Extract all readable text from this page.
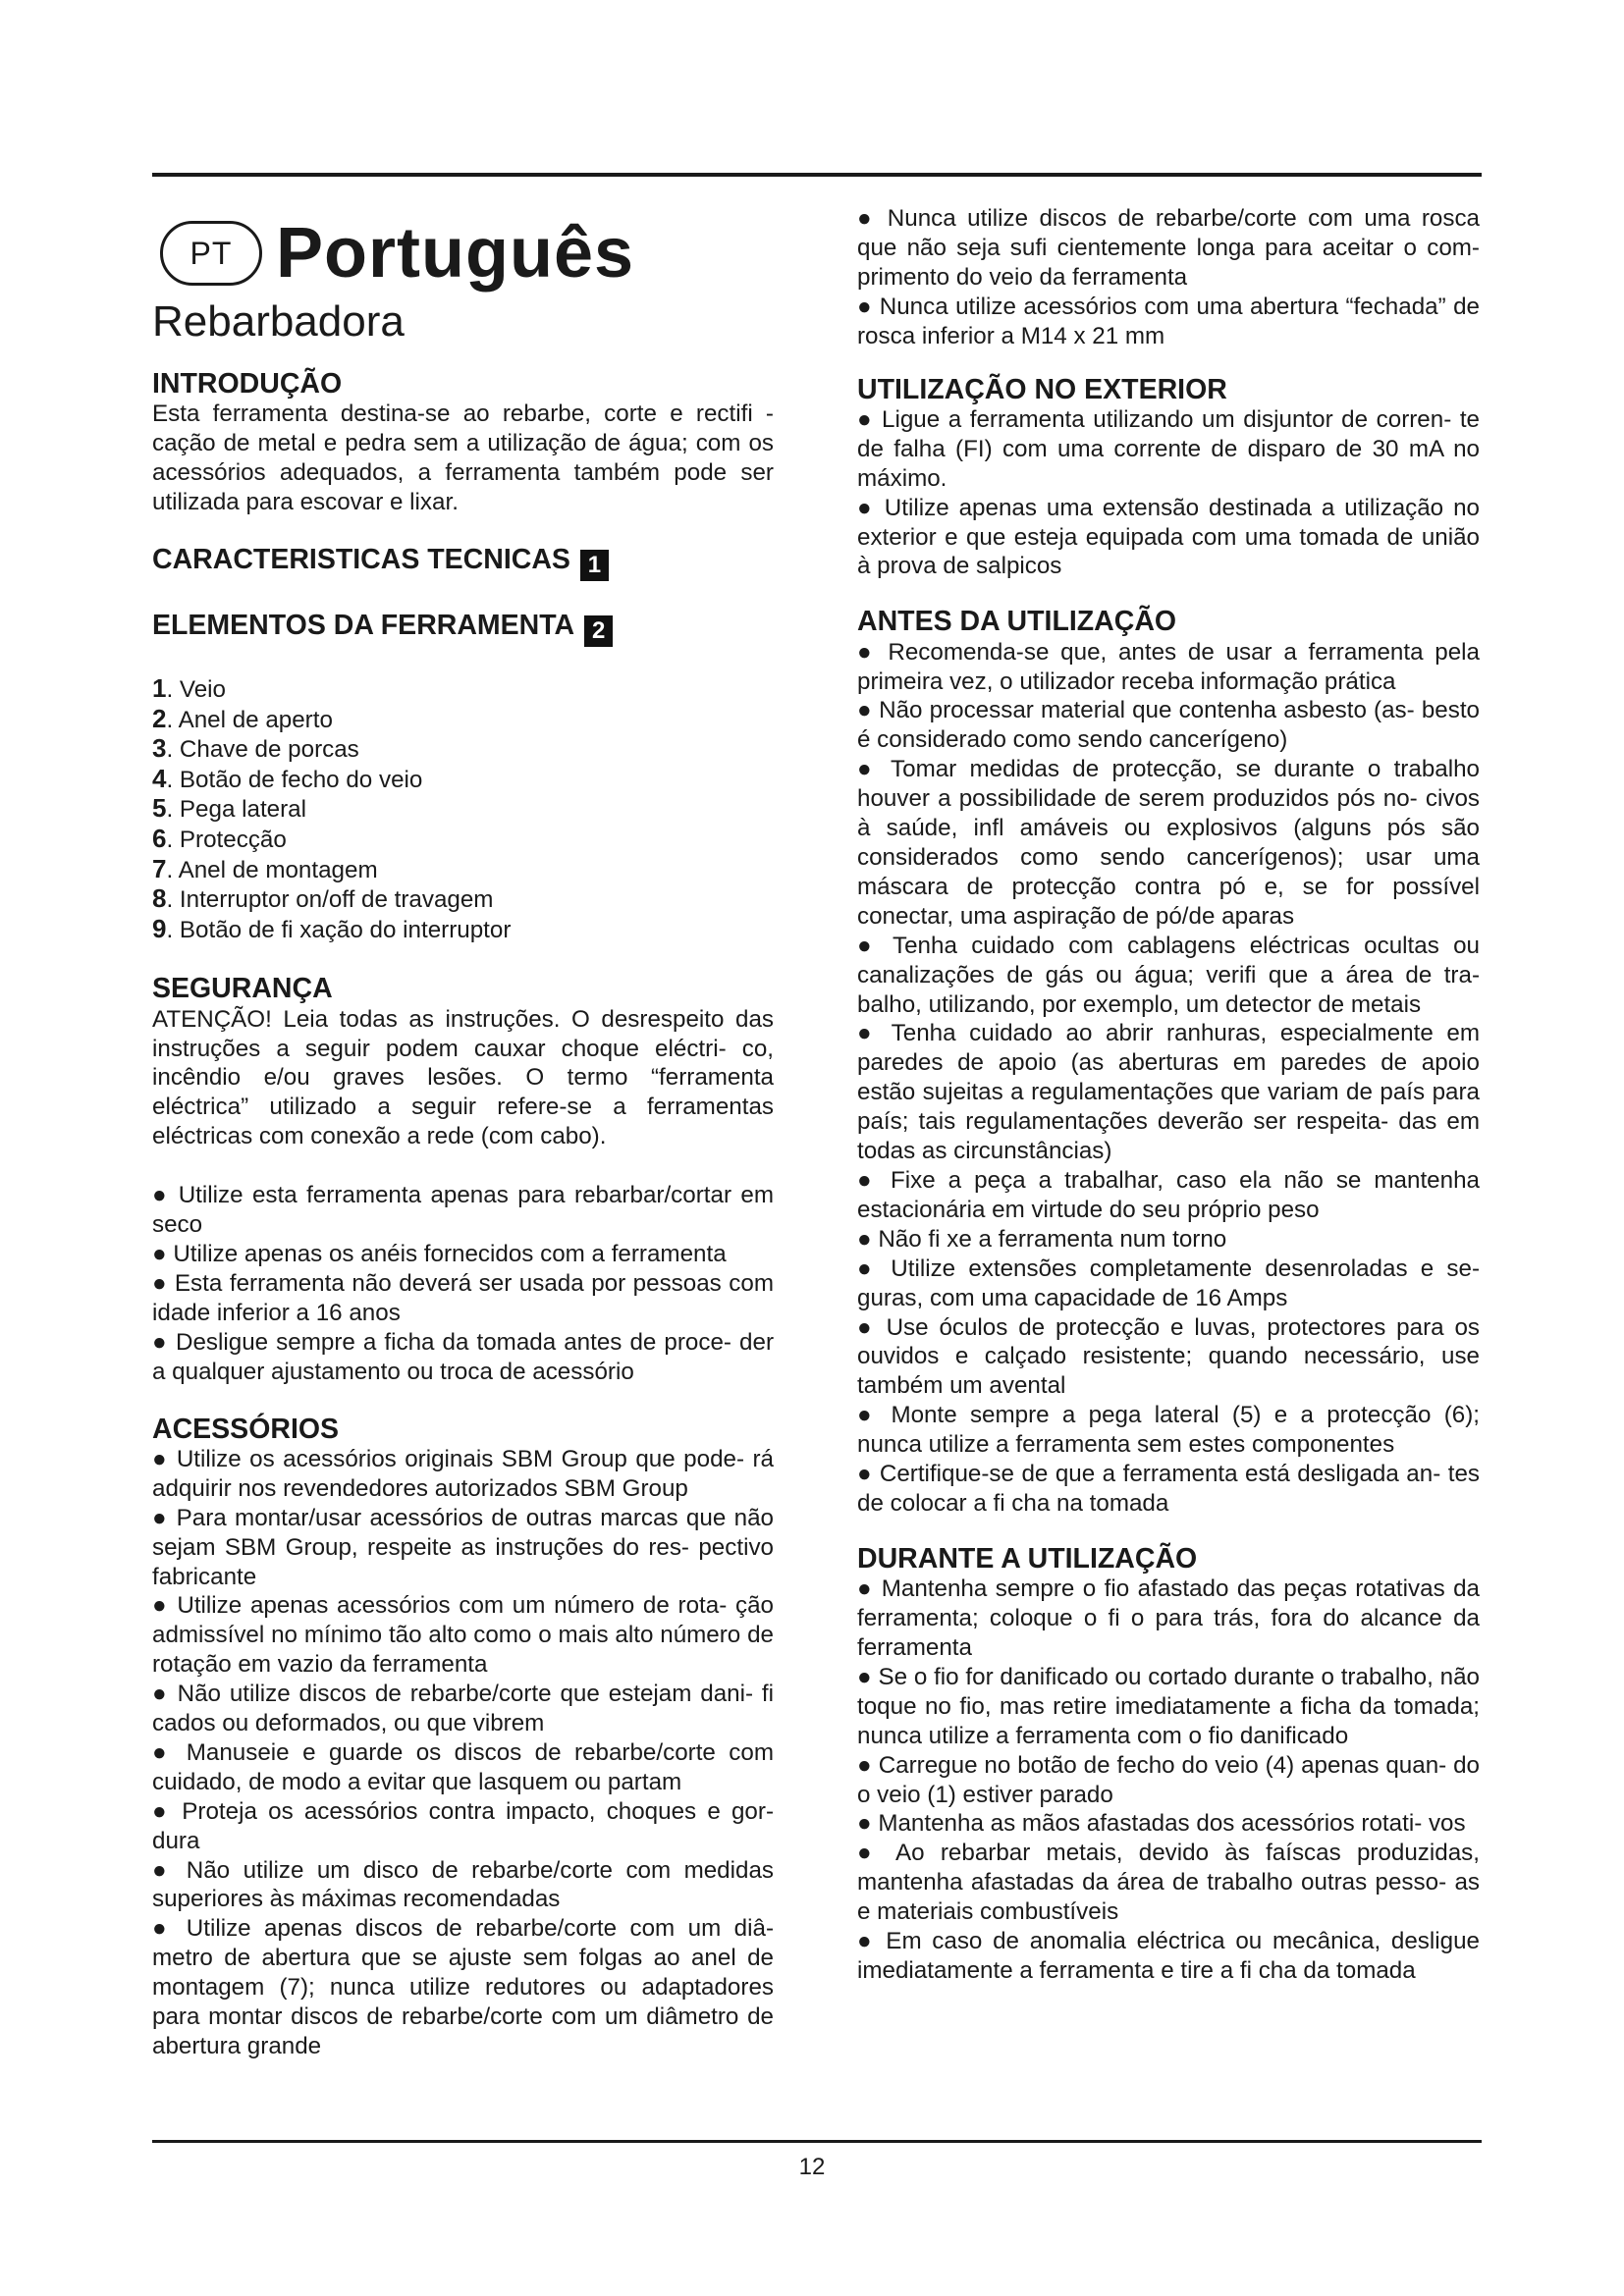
PT Português
Rebarbadora
INTRODUÇÃO

Esta ferramenta destina-se ao rebarbe, corte e rectifi - cação de metal e pedra sem a utilização de água; com os acessórios adequados, a ferramenta também pode ser utilizada para escovar e lixar.

CARACTERISTICAS TECNICAS 1
ELEMENTOS DA FERRAMENTA 2
1. Veio
2. Anel de aperto
3. Chave de porcas
4. Botão de fecho do veio
5. Pega lateral
6. Protecção
7. Anel de montagem
8. Interruptor on/off de travagem
9. Botão de fi xação do interruptor
SEGURANÇA

ATENÇÃO! Leia todas as instruções. O desrespeito das instruções a seguir podem cauxar choque eléctri- co, incêndio e/ou graves lesões. O termo “ferramenta eléctrica” utilizado a seguir refere-se a ferramentas eléctricas com conexão a rede (com cabo).

● Utilize esta ferramenta apenas para rebarbar/cortar em seco

● Utilize apenas os anéis fornecidos com a ferramenta

● Esta ferramenta não deverá ser usada por pessoas com idade inferior a 16 anos

● Desligue sempre a ficha da tomada antes de proce- der a qualquer ajustamento ou troca de acessório

ACESSÓRIOS

● Utilize os acessórios originais SBM Group que pode- rá adquirir nos revendedores autorizados SBM Group

● Para montar/usar acessórios de outras marcas que não sejam SBM Group, respeite as instruções do res- pectivo fabricante

● Utilize apenas acessórios com um número de rota- ção admissível no mínimo tão alto como o mais alto número de rotação em vazio da ferramenta

● Não utilize discos de rebarbe/corte que estejam dani- fi cados ou deformados, ou que vibrem

● Manuseie e guarde os discos de rebarbe/corte com cuidado, de modo a evitar que lasquem ou partam

● Proteja os acessórios contra impacto, choques e gor- dura

● Não utilize um disco de rebarbe/corte com medidas superiores às máximas recomendadas

● Utilize apenas discos de rebarbe/corte com um diâ- metro de abertura que se ajuste sem folgas ao anel de montagem (7); nunca utilize redutores ou adaptadores para montar discos de rebarbe/corte com um diâmetro de abertura grande

● Nunca utilize discos de rebarbe/corte com uma rosca que não seja sufi cientemente longa para aceitar o com- primento do veio da ferramenta

● Nunca utilize acessórios com uma abertura “fechada” de rosca inferior a M14 x 21 mm

UTILIZAÇÃO NO EXTERIOR

● Ligue a ferramenta utilizando um disjuntor de corren- te de falha (FI) com uma corrente de disparo de 30 mA no máximo.

● Utilize apenas uma extensão destinada a utilização no exterior e que esteja equipada com uma tomada de união à prova de salpicos

ANTES DA UTILIZAÇÃO

● Recomenda-se que, antes de usar a ferramenta pela primeira vez, o utilizador receba informação prática

● Não processar material que contenha asbesto (as- besto é considerado como sendo cancerígeno)

● Tomar medidas de protecção, se durante o trabalho houver a possibilidade de serem produzidos pós no- civos à saúde, infl amáveis ou explosivos (alguns pós são considerados como sendo cancerígenos); usar uma máscara de protecção contra pó e, se for possível conectar, uma aspiração de pó/de aparas

● Tenha cuidado com cablagens eléctricas ocultas ou canalizações de gás ou água; verifi que a área de tra- balho, utilizando, por exemplo, um detector de metais

● Tenha cuidado ao abrir ranhuras, especialmente em paredes de apoio (as aberturas em paredes de apoio estão sujeitas a regulamentações que variam de país para país; tais regulamentações deverão ser respeita- das em todas as circunstâncias)

● Fixe a peça a trabalhar, caso ela não se mantenha estacionária em virtude do seu próprio peso

● Não fi xe a ferramenta num torno

● Utilize extensões completamente desenroladas e se- guras, com uma capacidade de 16 Amps

● Use óculos de protecção e luvas, protectores para os ouvidos e calçado resistente; quando necessário, use também um avental

● Monte sempre a pega lateral (5) e a protecção (6); nunca utilize a ferramenta sem estes componentes

● Certifique-se de que a ferramenta está desligada an- tes de colocar a fi cha na tomada

DURANTE A UTILIZAÇÃO

● Mantenha sempre o fio afastado das peças rotativas da ferramenta; coloque o fi o para trás, fora do alcance da ferramenta

● Se o fio for danificado ou cortado durante o trabalho, não toque no fio, mas retire imediatamente a ficha da tomada; nunca utilize a ferramenta com o fio danificado

● Carregue no botão de fecho do veio (4) apenas quan- do o veio (1) estiver parado

● Mantenha as mãos afastadas dos acessórios rotati- vos

● Ao rebarbar metais, devido às faíscas produzidas, mantenha afastadas da área de trabalho outras pesso- as e materiais combustíveis

● Em caso de anomalia eléctrica ou mecânica, desligue imediatamente a ferramenta e tire a fi cha da tomada

12
